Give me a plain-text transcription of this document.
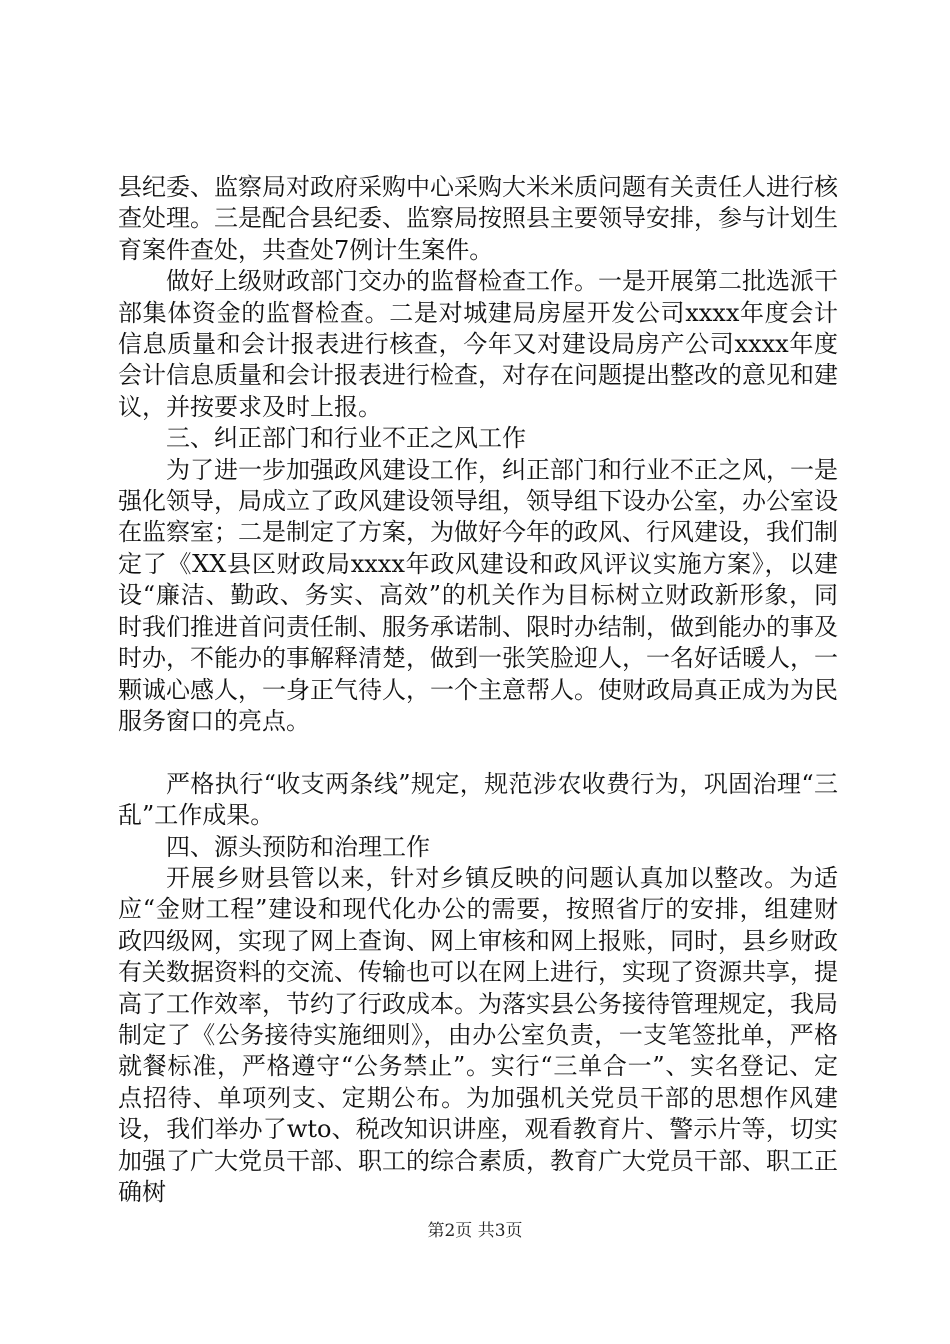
县纪委、监察局对政府采购中心采购大米米质问题有关责任人进行核查处理。三是配合县纪委、监察局按照县主要领导安排，参与计划生育案件查处，共查处7例计生案件。

做好上级财政部门交办的监督检查工作。一是开展第二批选派干部集体资金的监督检查。二是对城建局房屋开发公司xxxx年度会计信息质量和会计报表进行核查，今年又对建设局房产公司xxxx年度会计信息质量和会计报表进行检查，对存在问题提出整改的意见和建议，并按要求及时上报。

三、纠正部门和行业不正之风工作

为了进一步加强政风建设工作，纠正部门和行业不正之风，一是强化领导，局成立了政风建设领导组，领导组下设办公室，办公室设在监察室；二是制定了方案，为做好今年的政风、行风建设，我们制定了《XX县区财政局xxxx年政风建设和政风评议实施方案》，以建设“廉洁、勤政、务实、高效”的机关作为目标树立财政新形象，同时我们推进首问责任制、服务承诺制、限时办结制，做到能办的事及时办，不能办的事解释清楚，做到一张笑脸迎人，一名好话暖人，一颗诚心感人，一身正气待人，一个主意帮人。使财政局真正成为为民服务窗口的亮点。

严格执行“收支两条线”规定，规范涉农收费行为，巩固治理“三乱”工作成果。

四、源头预防和治理工作

开展乡财县管以来，针对乡镇反映的问题认真加以整改。为适应“金财工程”建设和现代化办公的需要，按照省厅的安排，组建财政四级网，实现了网上查询、网上审核和网上报账，同时，县乡财政有关数据资料的交流、传输也可以在网上进行，实现了资源共享，提高了工作效率，节约了行政成本。为落实县公务接待管理规定，我局制定了《公务接待实施细则》，由办公室负责，一支笔签批单，严格就餐标准，严格遵守“公务禁止”。实行“三单合一”、实名登记、定点招待、单项列支、定期公布。为加强机关党员干部的思想作风建设，我们举办了wto、税改知识讲座，观看教育片、警示片等，切实加强了广大党员干部、职工的综合素质，教育广大党员干部、职工正确树

第2页 共3页
